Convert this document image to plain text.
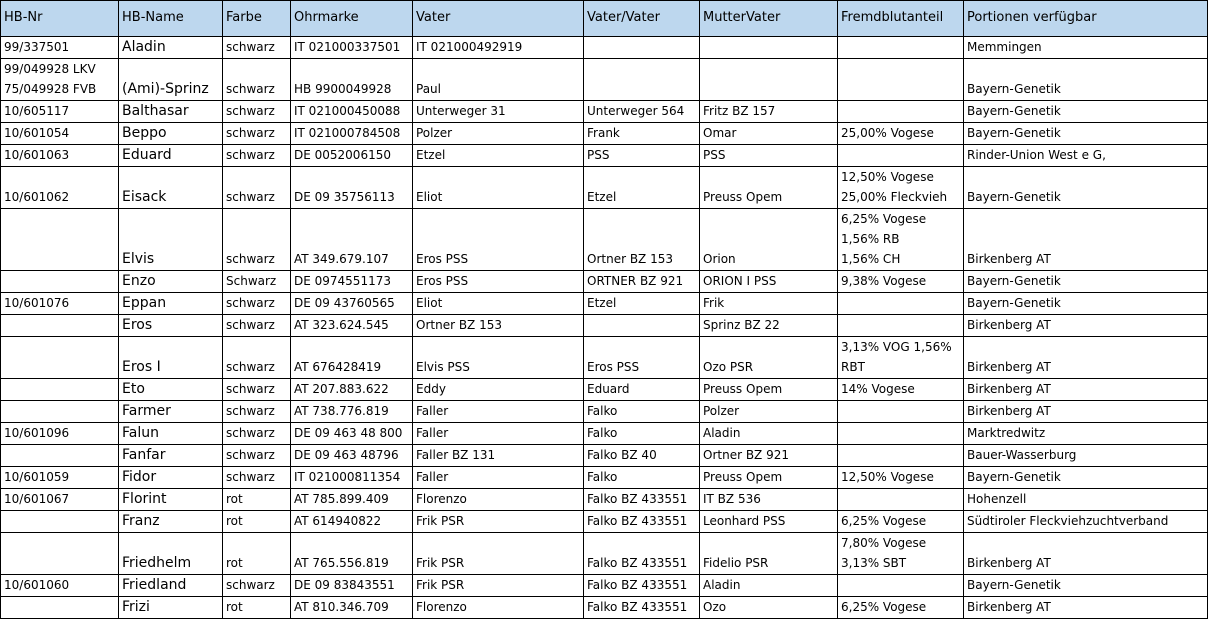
HB-Nr	HB-Name	Farbe	Ohrmarke	Vater	Vater/Vater	MutterVater	Fremdblutanteil	Portionen verfügbar

99/337501	Aladin	schwarz	IT 021000337501	IT 021000492919				Memmingen

99/049928 LKV
75/049928 FVB	(Ami)-Sprinz	schwarz	HB 9900049928	Paul				Bayern-Genetik

10/605117	Balthasar	schwarz	IT 021000450088	Unterweger 31	Unterweger 564	Fritz BZ 157		Bayern-Genetik

10/601054	Beppo	schwarz	IT 021000784508	Polzer	Frank	Omar	25,00% Vogese	Bayern-Genetik

10/601063	Eduard	schwarz	DE 0052006150	Etzel	PSS	PSS		Rinder-Union West e G,

10/601062	Eisack	schwarz	DE 09 35756113	Eliot	Etzel	Preuss Opem	12,50% Vogese
25,00% Fleckvieh	Bayern-Genetik

	Elvis	schwarz	AT 349.679.107	Eros PSS	Ortner BZ 153	Orion	6,25% Vogese
1,56% RB
1,56% CH	Birkenberg AT

	Enzo	Schwarz	DE 0974551173	Eros PSS	ORTNER BZ 921	ORION I PSS	9,38% Vogese	Bayern-Genetik

10/601076	Eppan	schwarz	DE 09 43760565	Eliot	Etzel	Frik		Bayern-Genetik

	Eros	schwarz	AT 323.624.545	Ortner BZ 153		Sprinz BZ 22		Birkenberg AT

	Eros I	schwarz	AT 676428419	Elvis PSS	Eros PSS	Ozo PSR	3,13% VOG 1,56%
RBT	Birkenberg AT

	Eto	schwarz	AT 207.883.622	Eddy	Eduard	Preuss Opem	14% Vogese	Birkenberg AT

	Farmer	schwarz	AT 738.776.819	Faller	Falko	Polzer		Birkenberg AT

10/601096	Falun	schwarz	DE 09 463 48 800	Faller	Falko	Aladin		Marktredwitz

	Fanfar	schwarz	DE 09 463 48796	Faller BZ 131	Falko BZ 40	Ortner BZ 921		Bauer-Wasserburg

10/601059	Fidor	schwarz	IT 021000811354	Faller	Falko	Preuss Opem	12,50% Vogese	Bayern-Genetik

10/601067	Florint	rot	AT 785.899.409	Florenzo	Falko BZ 433551	IT BZ 536		Hohenzell

	Franz	rot	AT 614940822	Frik PSR	Falko BZ 433551	Leonhard PSS	6,25% Vogese	Südtiroler Fleckviehzuchtverband

	Friedhelm	rot	AT 765.556.819	Frik PSR	Falko BZ 433551	Fidelio PSR	7,80% Vogese
3,13% SBT	Birkenberg AT

10/601060	Friedland	schwarz	DE 09 83843551	Frik PSR	Falko BZ 433551	Aladin		Bayern-Genetik

	Frizi	rot	AT 810.346.709	Florenzo	Falko BZ 433551	Ozo	6,25% Vogese	Birkenberg AT
